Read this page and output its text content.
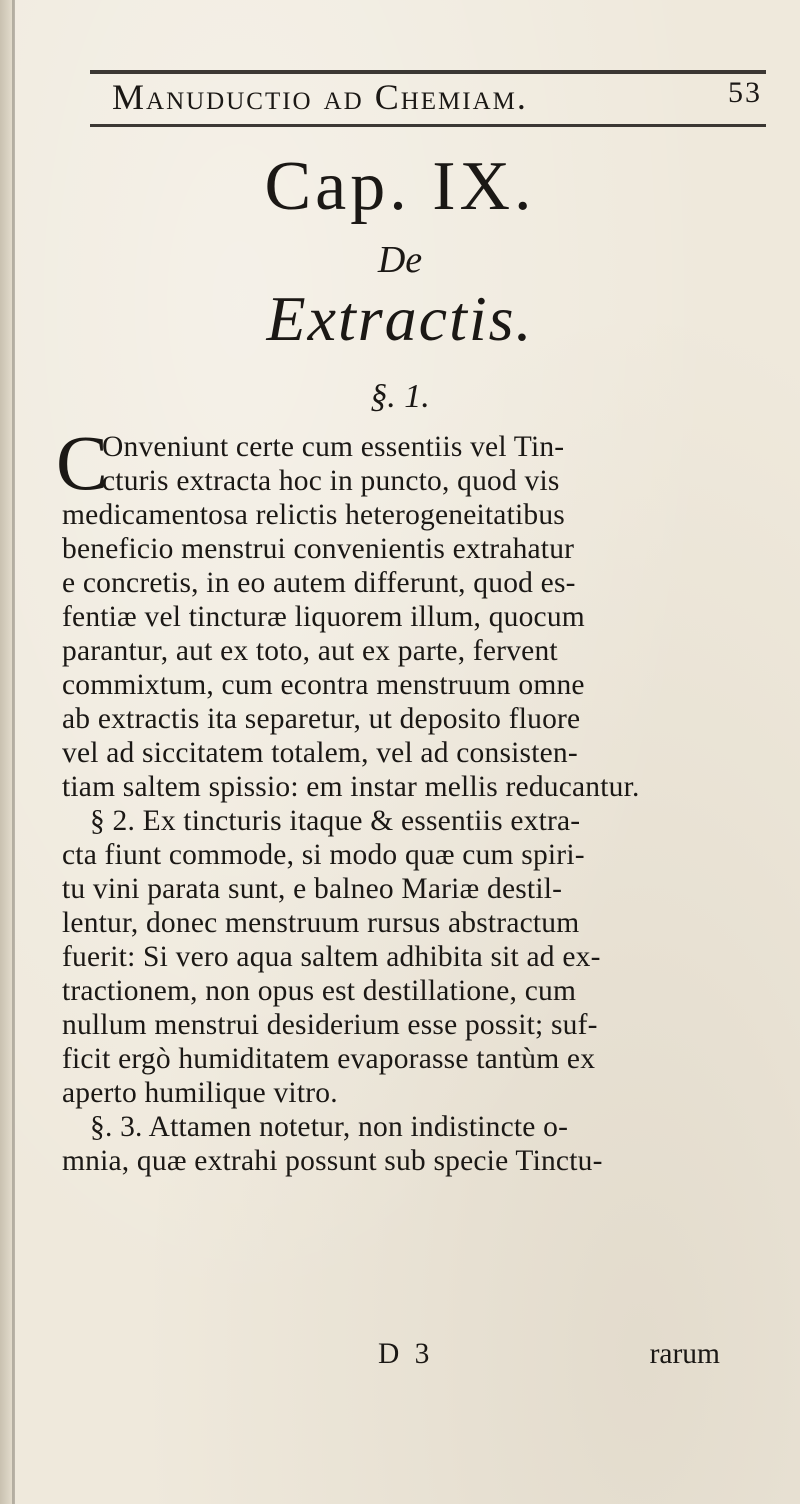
Manuductio ad Chemiam.	53
Cap. IX.
De
Extractis.
§. 1.
C
Onveniunt certe cum essentiis vel Tin-
cturis extracta hoc in puncto, quod vis
medicamentosa relictis heterogeneitatibus
beneficio menstrui convenientis extrahatur
e concretis, in eo autem differunt, quod es-
fentiæ vel tincturæ liquorem illum, quocum
parantur, aut ex toto, aut ex parte, fervent
commixtum, cum econtra menstruum omne
ab extractis ita separetur, ut deposito fluore
vel ad siccitatem totalem, vel ad consisten-
tiam saltem spissio: em instar mellis reducantur.
§ 2. Ex tincturis itaque & essentiis extra-
cta fiunt commode, si modo quæ cum spiri-
tu vini parata sunt, e balneo Mariæ destil-
lentur, donec menstruum rursus abstractum
fuerit: Si vero aqua saltem adhibita sit ad ex-
tractionem, non opus est destillatione, cum
nullum menstrui desiderium esse possit; suf-
ficit ergò humiditatem evaporasse tantùm ex
aperto humilique vitro.
§. 3. Attamen notetur, non indistincte o-
mnia, quæ extrahi possunt sub specie Tinctu-
D 3	rarum
